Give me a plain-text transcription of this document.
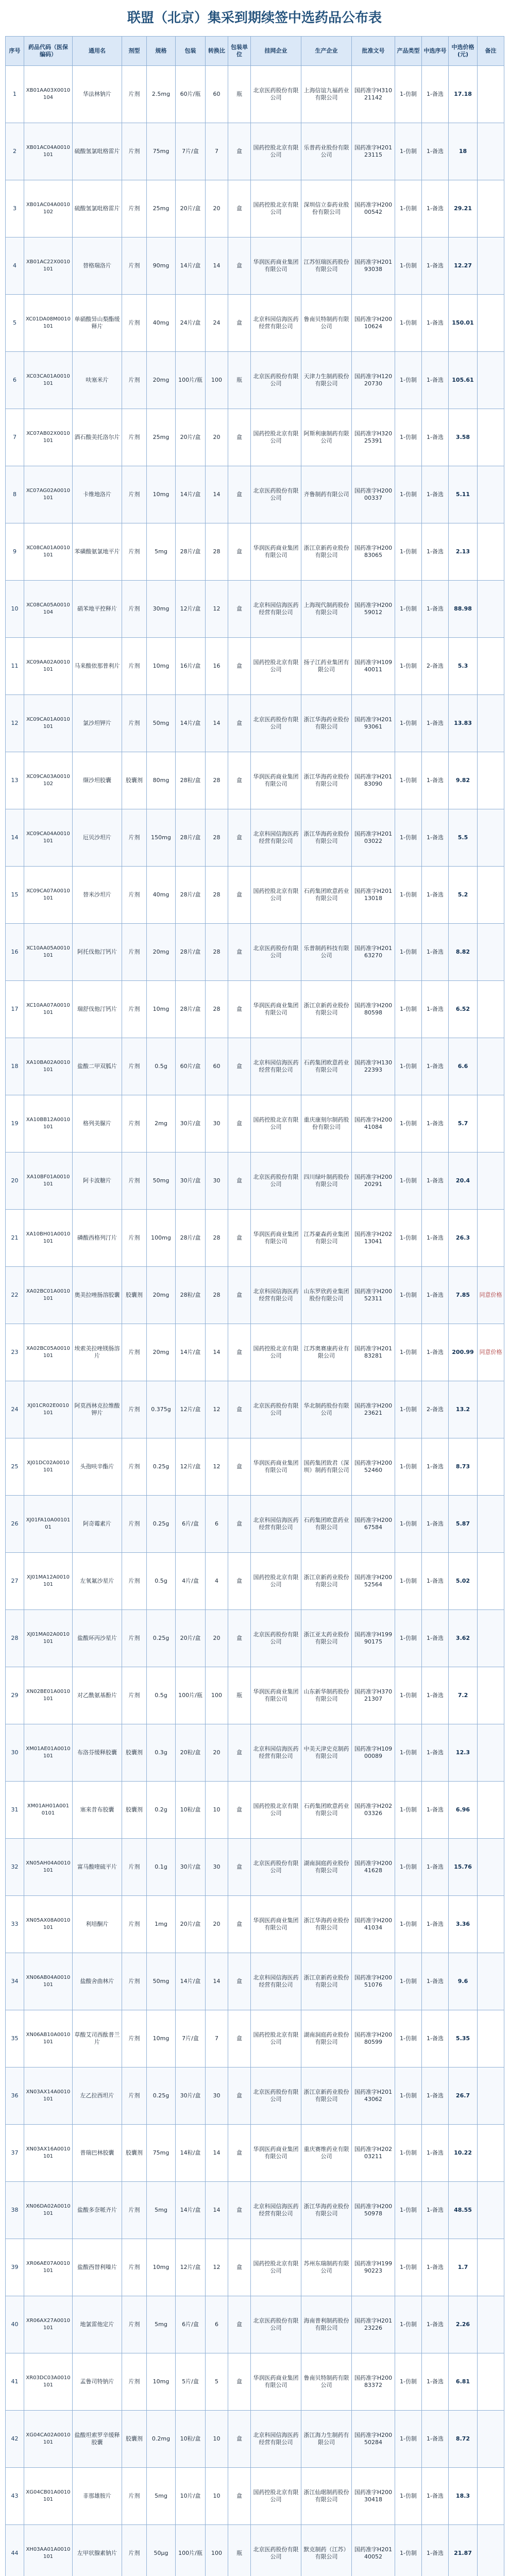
联盟（北京）集采到期续签中选药品公布表
序号	药品代码（医保编码）	通用名	剂型	规格	包装	转换比	包装单位	挂网企业	生产企业	批准文号	产品类型	中选序号	中选价格(元)	备注
1	XB01AA03X0010104	华法林钠片	片剂	2.5mg	60片/瓶	60	瓶	北京医药股份有限公司	上海信谊九福药业有限公司	国药准字H31021142	1-仿制	1-备选	17.18	
2	XB01AC04A0010101	硫酸氢氯吡格雷片	片剂	75mg	7片/盒	7	盒	国药控股北京有限公司	乐普药业股份有限公司	国药准字H20123115	1-仿制	1-备选	18	
3	XB01AC04A0010102	硫酸氢氯吡格雷片	片剂	25mg	20片/盒	20	盒	国药控股北京有限公司	深圳信立泰药业股份有限公司	国药准字H20000542	1-仿制	1-备选	29.21	
4	XB01AC22X0010101	替格瑞洛片	片剂	90mg	14片/盒	14	盒	华润医药商业集团有限公司	江苏恒瑞医药股份有限公司	国药准字H20193038	1-仿制	1-备选	12.27	
5	XC01DA08M0010101	单硝酸异山梨酯缓释片	片剂	40mg	24片/盒	24	盒	北京科园信海医药经营有限公司	鲁南贝特制药有限公司	国药准字H20010624	1-仿制	1-备选	150.01	
6	XC03CA01A0010101	呋塞米片	片剂	20mg	100片/瓶	100	瓶	北京医药股份有限公司	天津力生制药股份有限公司	国药准字H12020730	1-仿制	1-备选	105.61	
7	XC07AB02X0010101	酒石酸美托洛尔片	片剂	25mg	20片/盒	20	盒	国药控股北京有限公司	阿斯利康制药有限公司	国药准字H32025391	1-仿制	1-备选	3.58	
8	XC07AG02A0010101	卡维地洛片	片剂	10mg	14片/盒	14	盒	北京医药股份有限公司	齐鲁制药有限公司	国药准字H20000337	1-仿制	1-备选	5.11	
9	XC08CA01A0010101	苯磺酸氨氯地平片	片剂	5mg	28片/盒	28	盒	华润医药商业集团有限公司	浙江京新药业股份有限公司	国药准字H20083065	1-仿制	1-备选	2.13	
10	XC08CA05A0010104	硝苯地平控释片	片剂	30mg	12片/盒	12	盒	北京科园信海医药经营有限公司	上海现代制药股份有限公司	国药准字H20059012	1-仿制	1-备选	88.98	
11	XC09AA02A0010101	马来酸依那普利片	片剂	10mg	16片/盒	16	盒	国药控股北京有限公司	扬子江药业集团有限公司	国药准字H10940011	1-仿制	2-备选	5.3	
12	XC09CA01A0010101	氯沙坦钾片	片剂	50mg	14片/盒	14	盒	北京医药股份有限公司	浙江华海药业股份有限公司	国药准字H20193061	1-仿制	1-备选	13.83	
13	XC09CA03A0010102	缬沙坦胶囊	胶囊剂	80mg	28粒/盒	28	盒	华润医药商业集团有限公司	浙江华海药业股份有限公司	国药准字H20183090	1-仿制	1-备选	9.82	
14	XC09CA04A0010101	厄贝沙坦片	片剂	150mg	28片/盒	28	盒	北京科园信海医药经营有限公司	浙江华海药业股份有限公司	国药准字H20103022	1-仿制	1-备选	5.5	
15	XC09CA07A0010101	替米沙坦片	片剂	40mg	28片/盒	28	盒	国药控股北京有限公司	石药集团欧意药业有限公司	国药准字H20113018	1-仿制	1-备选	5.2	
16	XC10AA05A0010101	阿托伐他汀钙片	片剂	20mg	28片/盒	28	盒	北京医药股份有限公司	乐普制药科技有限公司	国药准字H20163270	1-仿制	1-备选	8.82	
17	XC10AA07A0010101	瑞舒伐他汀钙片	片剂	10mg	28片/盒	28	盒	华润医药商业集团有限公司	浙江京新药业股份有限公司	国药准字H20080598	1-仿制	1-备选	6.52	
18	XA10BA02A0010101	盐酸二甲双胍片	片剂	0.5g	60片/盒	60	盒	北京科园信海医药经营有限公司	石药集团欧意药业有限公司	国药准字H13022393	1-仿制	1-备选	6.6	
19	XA10BB12A0010101	格列美脲片	片剂	2mg	30片/盒	30	盒	国药控股北京有限公司	重庆康刻尔制药股份有限公司	国药准字H20041084	1-仿制	1-备选	5.7	
20	XA10BF01A0010101	阿卡波糖片	片剂	50mg	30片/盒	30	盒	北京医药股份有限公司	四川绿叶制药股份有限公司	国药准字H20020291	1-仿制	1-备选	20.4	
21	XA10BH01A0010101	磷酸西格列汀片	片剂	100mg	28片/盒	28	盒	华润医药商业集团有限公司	江苏豪森药业集团有限公司	国药准字H20213041	1-仿制	1-备选	26.3	
22	XA02BC01A0010101	奥美拉唑肠溶胶囊	胶囊剂	20mg	28粒/盒	28	盒	北京科园信海医药经营有限公司	山东罗欣药业集团股份有限公司	国药准字H20052311	1-仿制	1-备选	7.85	同意价格
23	XA02BC05A0010101	埃索美拉唑镁肠溶片	片剂	20mg	14片/盒	14	盒	国药控股北京有限公司	江苏奥赛康药业有限公司	国药准字H20183281	1-仿制	1-备选	200.99	同意价格
24	XJ01CR02E0010101	阿莫西林克拉维酸钾片	片剂	0.375g	12片/盒	12	盒	北京医药股份有限公司	华北制药股份有限公司	国药准字H20023621	1-仿制	2-备选	13.2	
25	XJ01DC02A0010101	头孢呋辛酯片	片剂	0.25g	12片/盒	12	盒	华润医药商业集团有限公司	国药集团致君（深圳）制药有限公司	国药准字H20052460	1-仿制	1-备选	8.73	
26	XJ01FA10A0010101	阿奇霉素片	片剂	0.25g	6片/盒	6	盒	北京科园信海医药经营有限公司	石药集团欧意药业有限公司	国药准字H20067584	1-仿制	1-备选	5.87	
27	XJ01MA12A0010101	左氧氟沙星片	片剂	0.5g	4片/盒	4	盒	国药控股北京有限公司	浙江京新药业股份有限公司	国药准字H20052564	1-仿制	1-备选	5.02	
28	XJ01MA02A0010101	盐酸环丙沙星片	片剂	0.25g	20片/盒	20	盒	北京医药股份有限公司	浙江亚太药业股份有限公司	国药准字H19990175	1-仿制	1-备选	3.62	
29	XN02BE01A0010101	对乙酰氨基酚片	片剂	0.5g	100片/瓶	100	瓶	华润医药商业集团有限公司	山东新华制药股份有限公司	国药准字H37021307	1-仿制	1-备选	7.2	
30	XM01AE01A0010101	布洛芬缓释胶囊	胶囊剂	0.3g	20粒/盒	20	盒	北京科园信海医药经营有限公司	中美天津史克制药有限公司	国药准字H10900089	1-仿制	1-备选	12.3	
31	XM01AH01A0010101	塞来昔布胶囊	胶囊剂	0.2g	10粒/盒	10	盒	国药控股北京有限公司	石药集团欧意药业有限公司	国药准字H20203326	1-仿制	1-备选	6.96	
32	XN05AH04A0010101	富马酸喹硫平片	片剂	0.1g	30片/盒	30	盒	北京医药股份有限公司	湖南洞庭药业股份有限公司	国药准字H20041628	1-仿制	1-备选	15.76	
33	XN05AX08A0010101	利培酮片	片剂	1mg	20片/盒	20	盒	华润医药商业集团有限公司	浙江华海药业股份有限公司	国药准字H20041034	1-仿制	1-备选	3.36	
34	XN06AB04A0010101	盐酸舍曲林片	片剂	50mg	14片/盒	14	盒	北京科园信海医药经营有限公司	浙江京新药业股份有限公司	国药准字H20051076	1-仿制	1-备选	9.6	
35	XN06AB10A0010101	草酸艾司西酞普兰片	片剂	10mg	7片/盒	7	盒	国药控股北京有限公司	湖南洞庭药业股份有限公司	国药准字H20080599	1-仿制	1-备选	5.35	
36	XN03AX14A0010101	左乙拉西坦片	片剂	0.25g	30片/盒	30	盒	北京医药股份有限公司	浙江京新药业股份有限公司	国药准字H20143062	1-仿制	1-备选	26.7	
37	XN03AX16A0010101	普瑞巴林胶囊	胶囊剂	75mg	14粒/盒	14	盒	华润医药商业集团有限公司	重庆赛维药业有限公司	国药准字H20203211	1-仿制	1-备选	10.22	
38	XN06DA02A0010101	盐酸多奈哌齐片	片剂	5mg	14片/盒	14	盒	北京科园信海医药经营有限公司	浙江华海药业股份有限公司	国药准字H20050978	1-仿制	1-备选	48.55	
39	XR06AE07A0010101	盐酸西替利嗪片	片剂	10mg	12片/盒	12	盒	国药控股北京有限公司	苏州东瑞制药有限公司	国药准字H19990223	1-仿制	1-备选	1.7	
40	XR06AX27A0010101	地氯雷他定片	片剂	5mg	6片/盒	6	盒	北京医药股份有限公司	海南普利制药股份有限公司	国药准字H20123226	1-仿制	1-备选	2.26	
41	XR03DC03A0010101	孟鲁司特钠片	片剂	10mg	5片/盒	5	盒	华润医药商业集团有限公司	鲁南贝特制药有限公司	国药准字H20083372	1-仿制	1-备选	6.81	
42	XG04CA02A0010101	盐酸坦索罗辛缓释胶囊	胶囊剂	0.2mg	10粒/盒	10	盒	北京科园信海医药经营有限公司	浙江海力生制药有限公司	国药准字H20050284	1-仿制	1-备选	8.72	
43	XG04CB01A0010101	非那雄胺片	片剂	5mg	10片/盒	10	盒	国药控股北京有限公司	浙江仙琚制药股份有限公司	国药准字H20030418	1-仿制	1-备选	18.3	
44	XH03AA01A0010101	左甲状腺素钠片	片剂	50μg	100片/瓶	100	瓶	北京医药股份有限公司	默克制药（江苏）有限公司	国药准字H20140052	1-仿制	1-备选	21.87	
